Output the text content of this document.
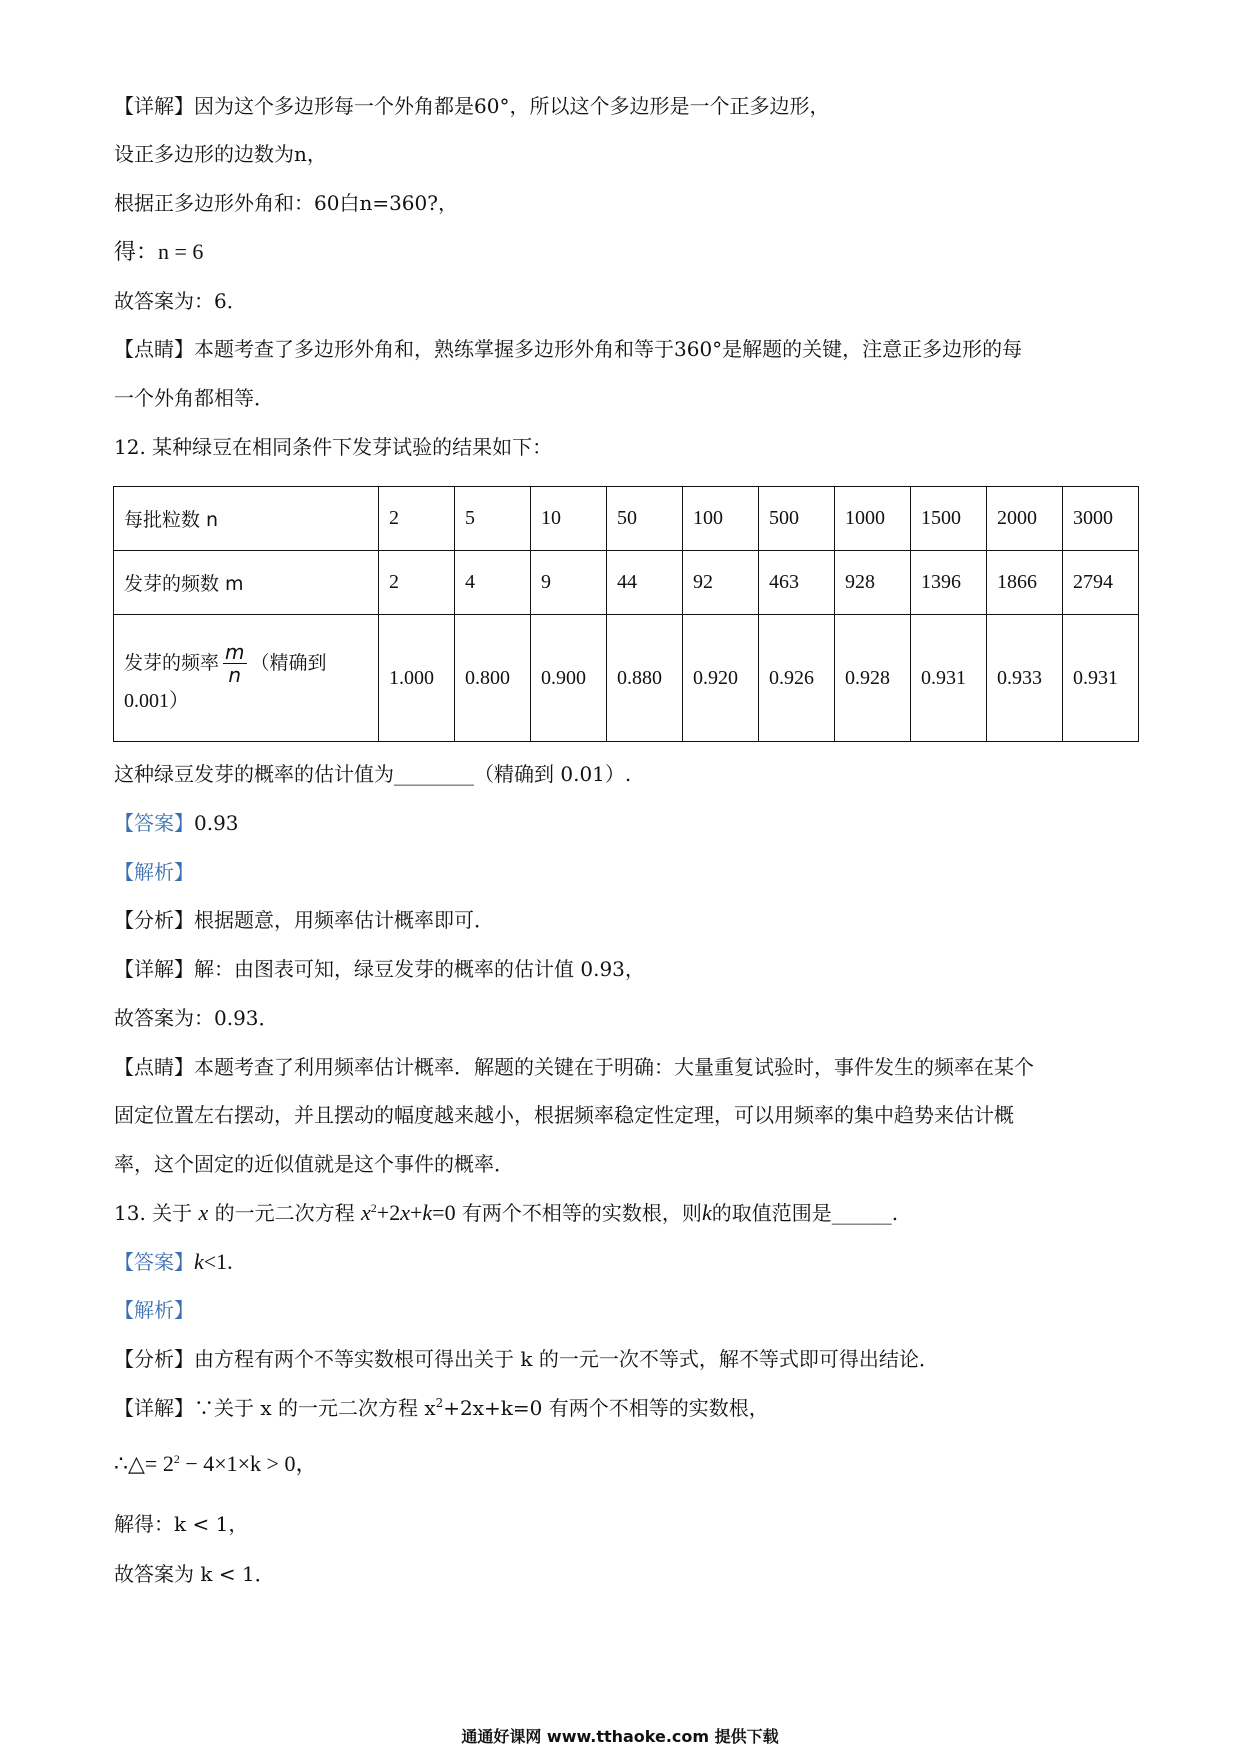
【详解】因为这个多边形每一个外角都是60°，所以这个多边形是一个正多边形，
设正多边形的边数为n，
根据正多边形外角和：60白n=360?，
得：n = 6
故答案为：6．
【点睛】本题考查了多边形外角和，熟练掌握多边形外角和等于360°是解题的关键，注意正多边形的每
一个外角都相等．
12. 某种绿豆在相同条件下发芽试验的结果如下：
每批粒数 n	2	5	10	50	100	500	1000	1500	2000	3000
发芽的频数 m	2	4	9	44	92	463	928	1396	1866	2794

发芽的频率 $\frac{m}{n}$ （精确到
0.001）	1.000	0.800	0.900	0.880	0.920	0.926	0.928	0.931	0.933	0.931
这种绿豆发芽的概率的估计值为________（精确到 0.01）.
【答案】0.93
【解析】
【分析】根据题意，用频率估计概率即可．
【详解】解：由图表可知，绿豆发芽的概率的估计值 0.93，
故答案为：0.93．
【点睛】本题考查了利用频率估计概率．解题的关键在于明确：大量重复试验时，事件发生的频率在某个
固定位置左右摆动，并且摆动的幅度越来越小，根据频率稳定性定理，可以用频率的集中趋势来估计概
率，这个固定的近似值就是这个事件的概率．
13. 关于 x 的一元二次方程 $x^2+2x+k=0$ 有两个不相等的实数根，则k的取值范围是______.
【答案】k<1.
【解析】
【分析】由方程有两个不等实数根可得出关于 k 的一元一次不等式，解不等式即可得出结论．
【详解】∵关于 x 的一元二次方程 $x^2+2x+k=0$ 有两个不相等的实数根，
∴△= $2^2 - 4\times 1\times k > 0$，
解得：k < 1，
故答案为 k < 1．
通通好课网 www.tthaoke.com 提供下载
